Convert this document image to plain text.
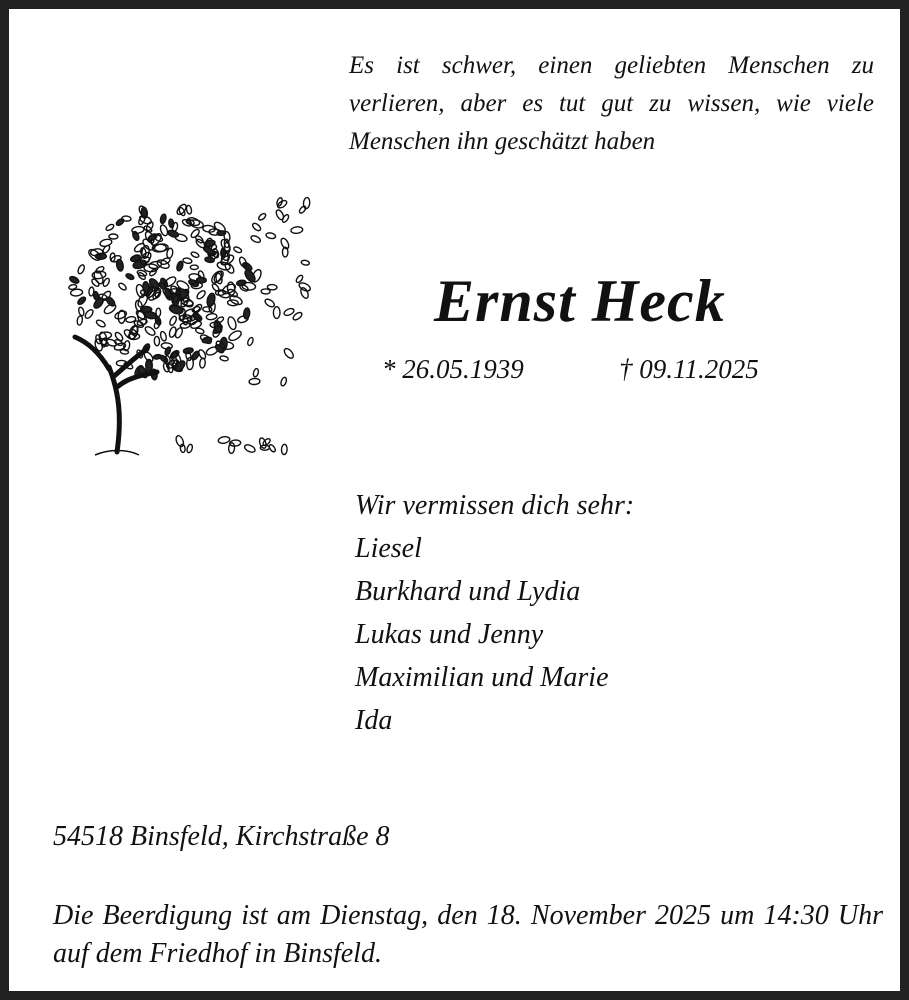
Es ist schwer, einen geliebten Menschen zu verlieren, aber es tut gut zu wissen, wie viele Menschen ihn geschätzt haben
Ernst Heck
* 26.05.1939	† 09.11.2025
Wir vermissen dich sehr:
Liesel
Burkhard und Lydia
Lukas und Jenny
Maximilian und Marie
Ida
54518 Binsfeld, Kirchstraße 8
Die Beerdigung ist am Dienstag, den 18. November 2025 um 14:30 Uhr auf dem Friedhof in Binsfeld.
